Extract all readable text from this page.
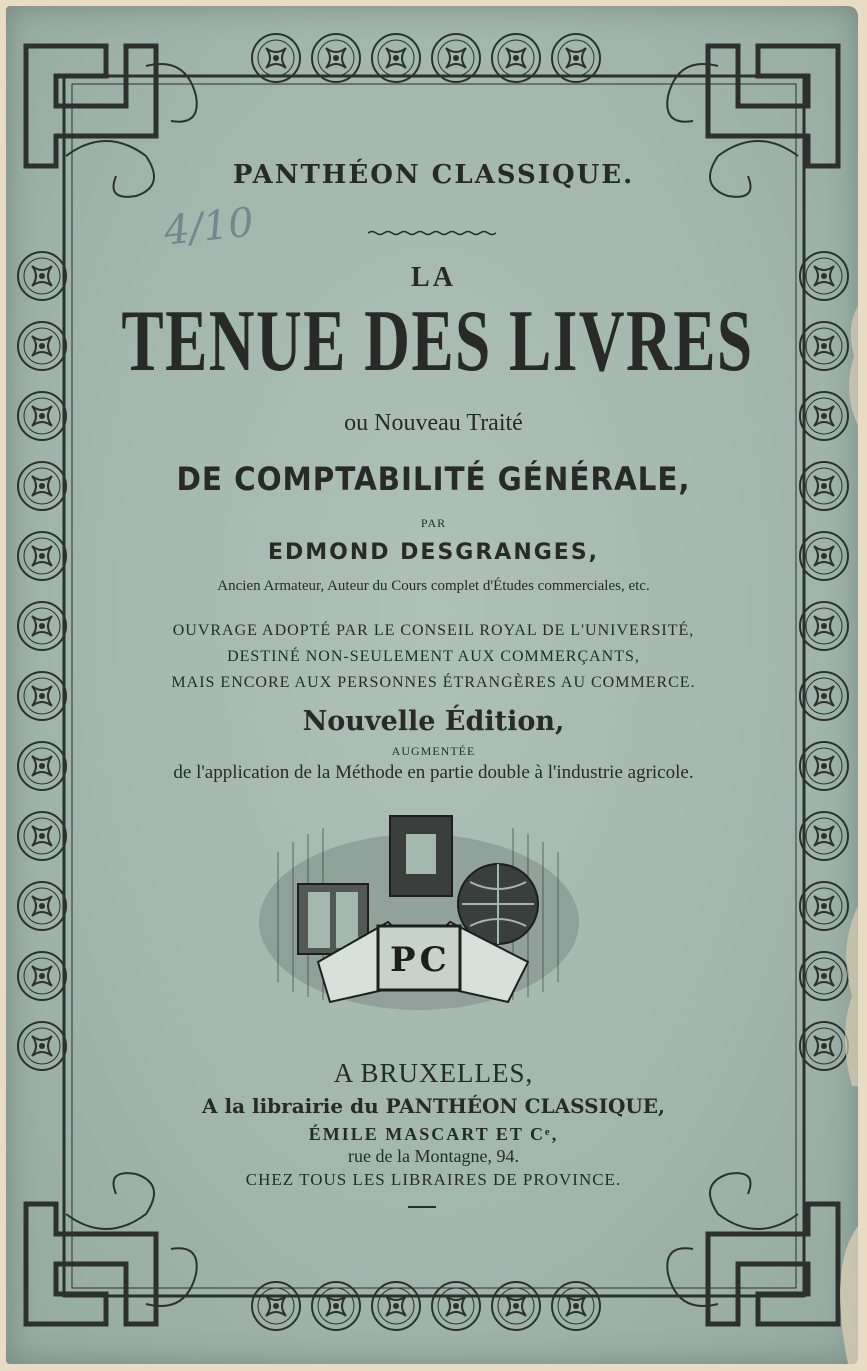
4/10
PANTHÉON CLASSIQUE.
LA
TENUE DES LIVRES
ou Nouveau Traité
DE COMPTABILITÉ GÉNÉRALE,
PAR
EDMOND DESGRANGES,
Ancien Armateur, Auteur du Cours complet d'Études commerciales, etc.
OUVRAGE ADOPTÉ PAR LE CONSEIL ROYAL DE L'UNIVERSITÉ,
DESTINÉ NON-SEULEMENT AUX COMMERÇANTS,
MAIS ENCORE AUX PERSONNES ÉTRANGÈRES AU COMMERCE.
Nouvelle Édition,
AUGMENTÉE
de l'application de la Méthode en partie double à l'industrie agricole.
PC
A BRUXELLES,
A la librairie du PANTHÉON CLASSIQUE,
ÉMILE MASCART ET Cᵉ,
rue de la Montagne, 94.
CHEZ TOUS LES LIBRAIRES DE PROVINCE.
